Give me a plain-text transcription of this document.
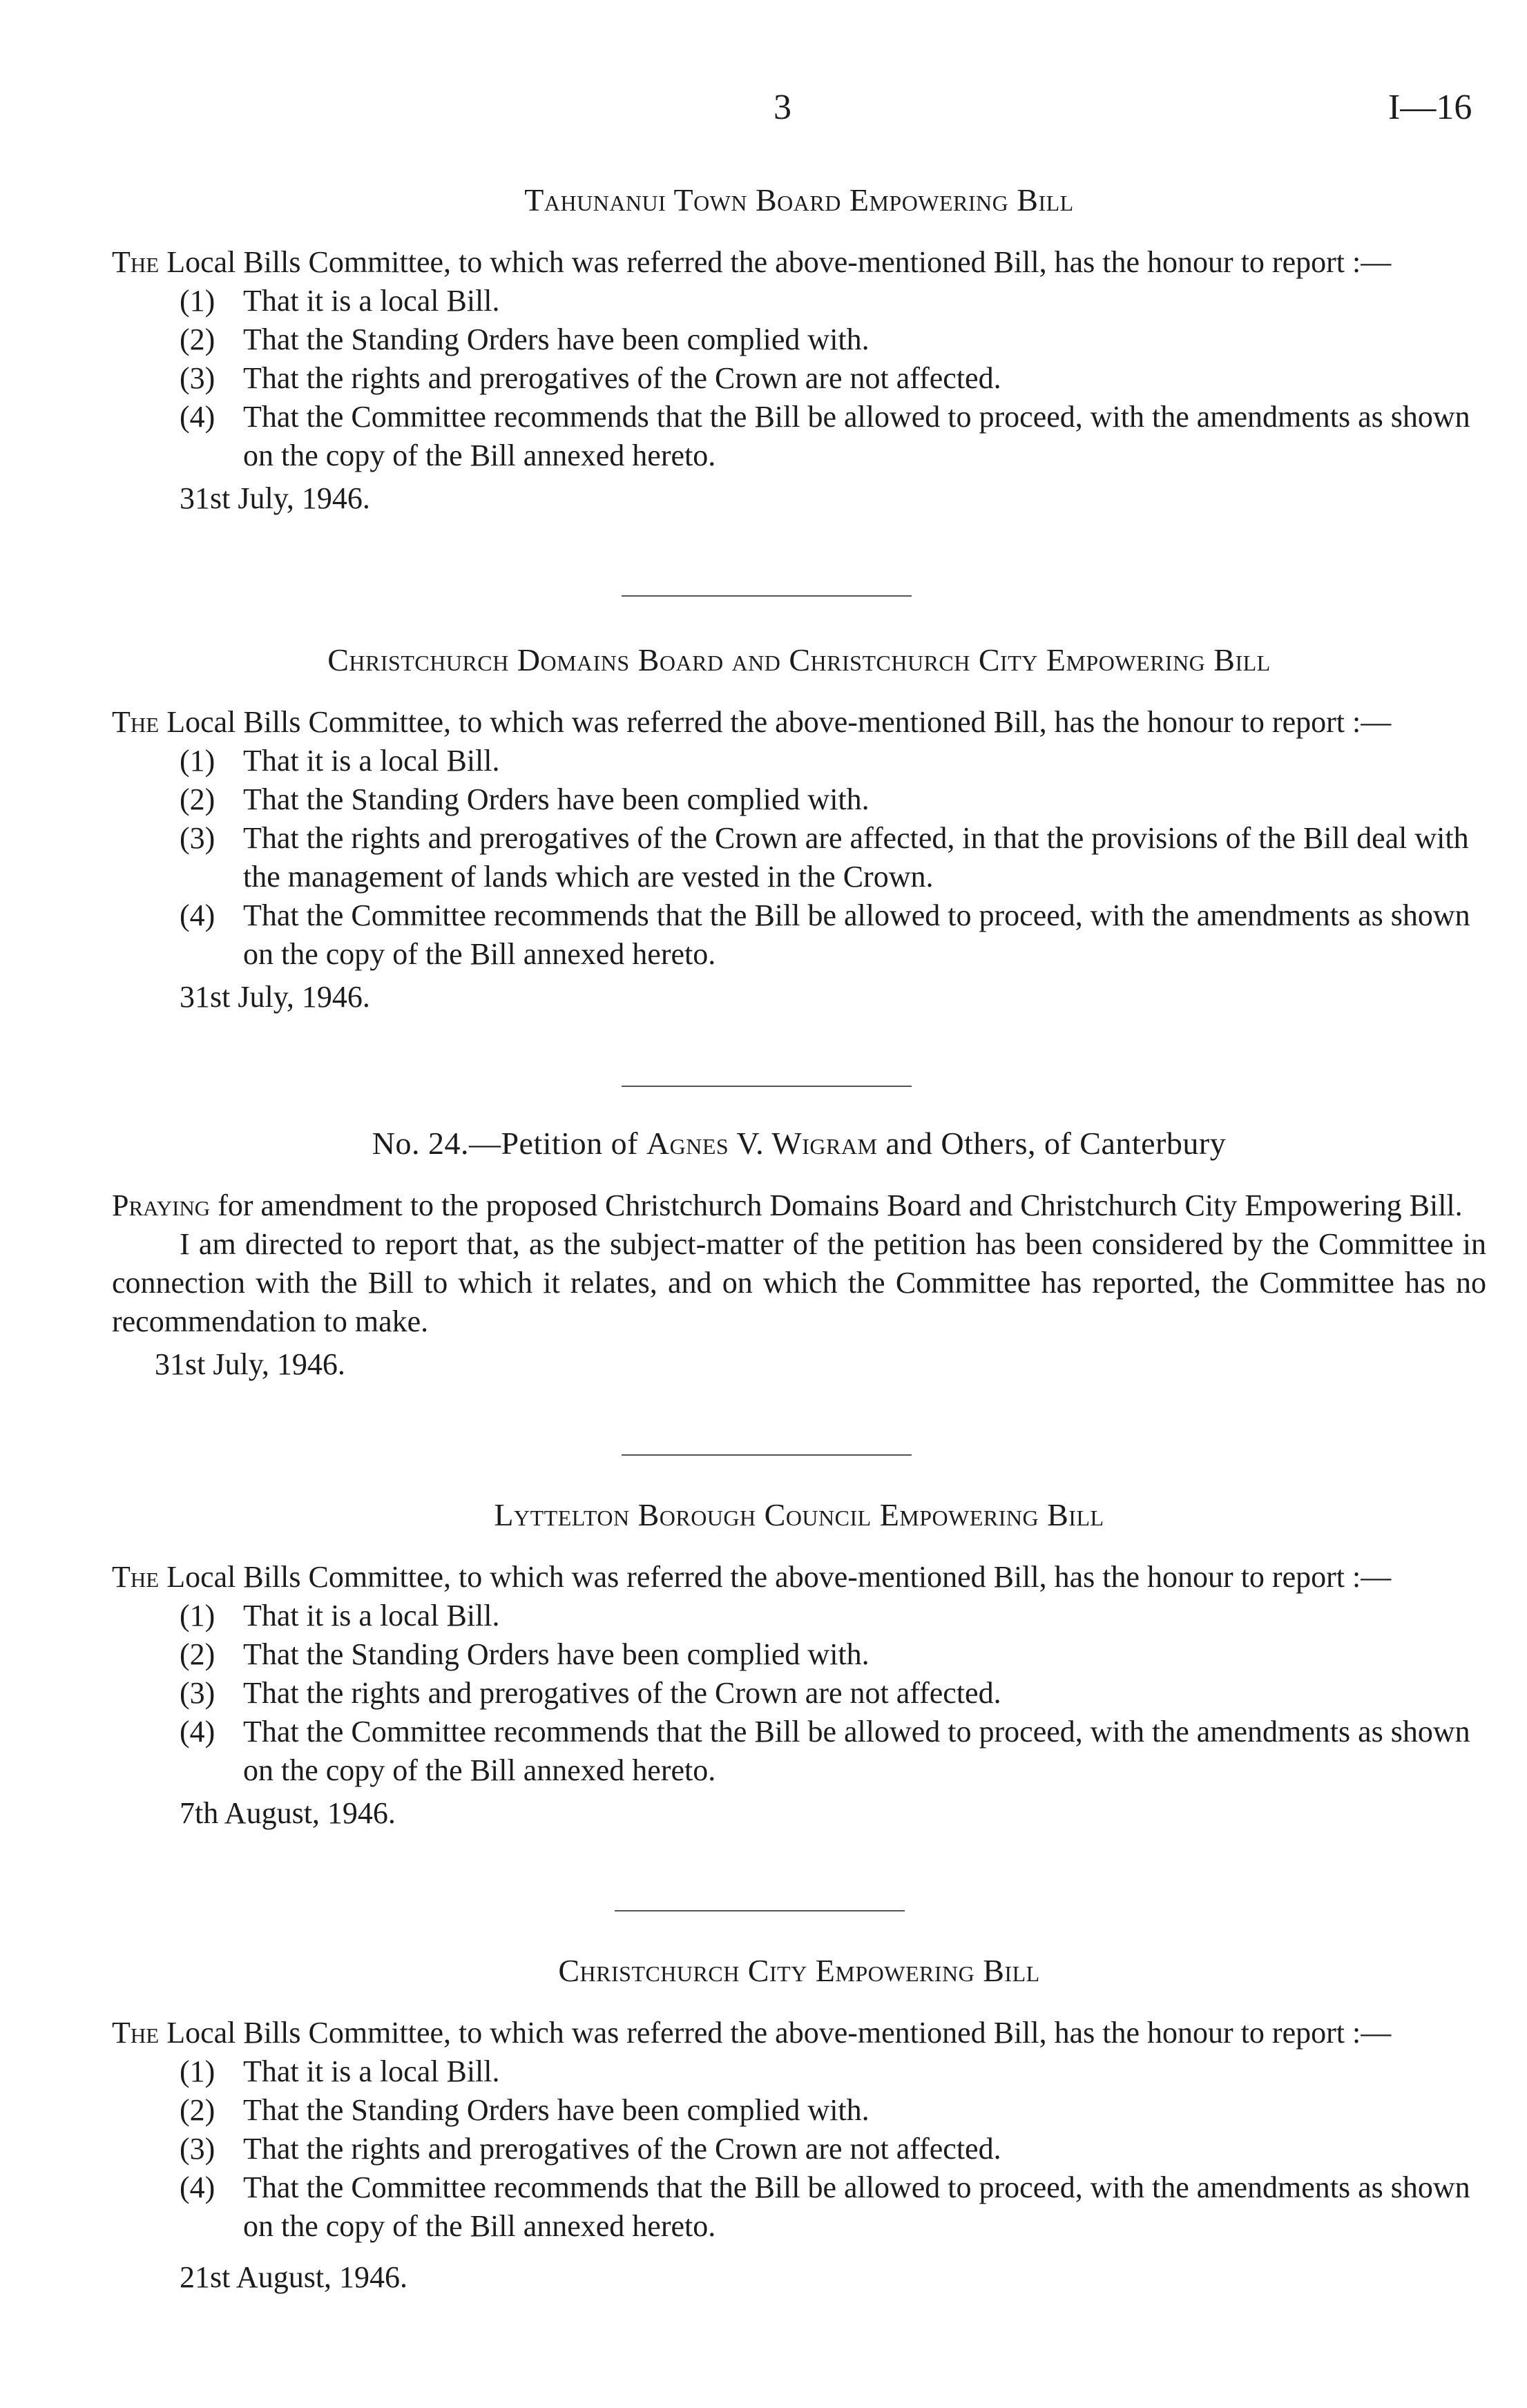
3	I—16
Tahunanui Town Board Empowering Bill

The Local Bills Committee, to which was referred the above-mentioned Bill, has the honour to report :—

(1) That it is a local Bill.
(2) That the Standing Orders have been complied with.
(3) That the rights and prerogatives of the Crown are not affected.
(4) That the Committee recommends that the Bill be allowed to proceed, with the amendments as shown on the copy of the Bill annexed hereto.
31st July, 1946.
Christchurch Domains Board and Christchurch City Empowering Bill

The Local Bills Committee, to which was referred the above-mentioned Bill, has the honour to report :—

(1) That it is a local Bill.
(2) That the Standing Orders have been complied with.
(3) That the rights and prerogatives of the Crown are affected, in that the provisions of the Bill deal with the management of lands which are vested in the Crown.
(4) That the Committee recommends that the Bill be allowed to proceed, with the amendments as shown on the copy of the Bill annexed hereto.
31st July, 1946.
No. 24.—Petition of Agnes V. Wigram and Others, of Canterbury

Praying for amendment to the proposed Christchurch Domains Board and Christchurch City Empowering Bill.

I am directed to report that, as the subject-matter of the petition has been considered by the Committee in connection with the Bill to which it relates, and on which the Committee has reported, the Committee has no recommendation to make.

31st July, 1946.
Lyttelton Borough Council Empowering Bill

The Local Bills Committee, to which was referred the above-mentioned Bill, has the honour to report :—

(1) That it is a local Bill.
(2) That the Standing Orders have been complied with.
(3) That the rights and prerogatives of the Crown are not affected.
(4) That the Committee recommends that the Bill be allowed to proceed, with the amendments as shown on the copy of the Bill annexed hereto.
7th August, 1946.
Christchurch City Empowering Bill

The Local Bills Committee, to which was referred the above-mentioned Bill, has the honour to report :—

(1) That it is a local Bill.
(2) That the Standing Orders have been complied with.
(3) That the rights and prerogatives of the Crown are not affected.
(4) That the Committee recommends that the Bill be allowed to proceed, with the amendments as shown on the copy of the Bill annexed hereto.
21st August, 1946.
